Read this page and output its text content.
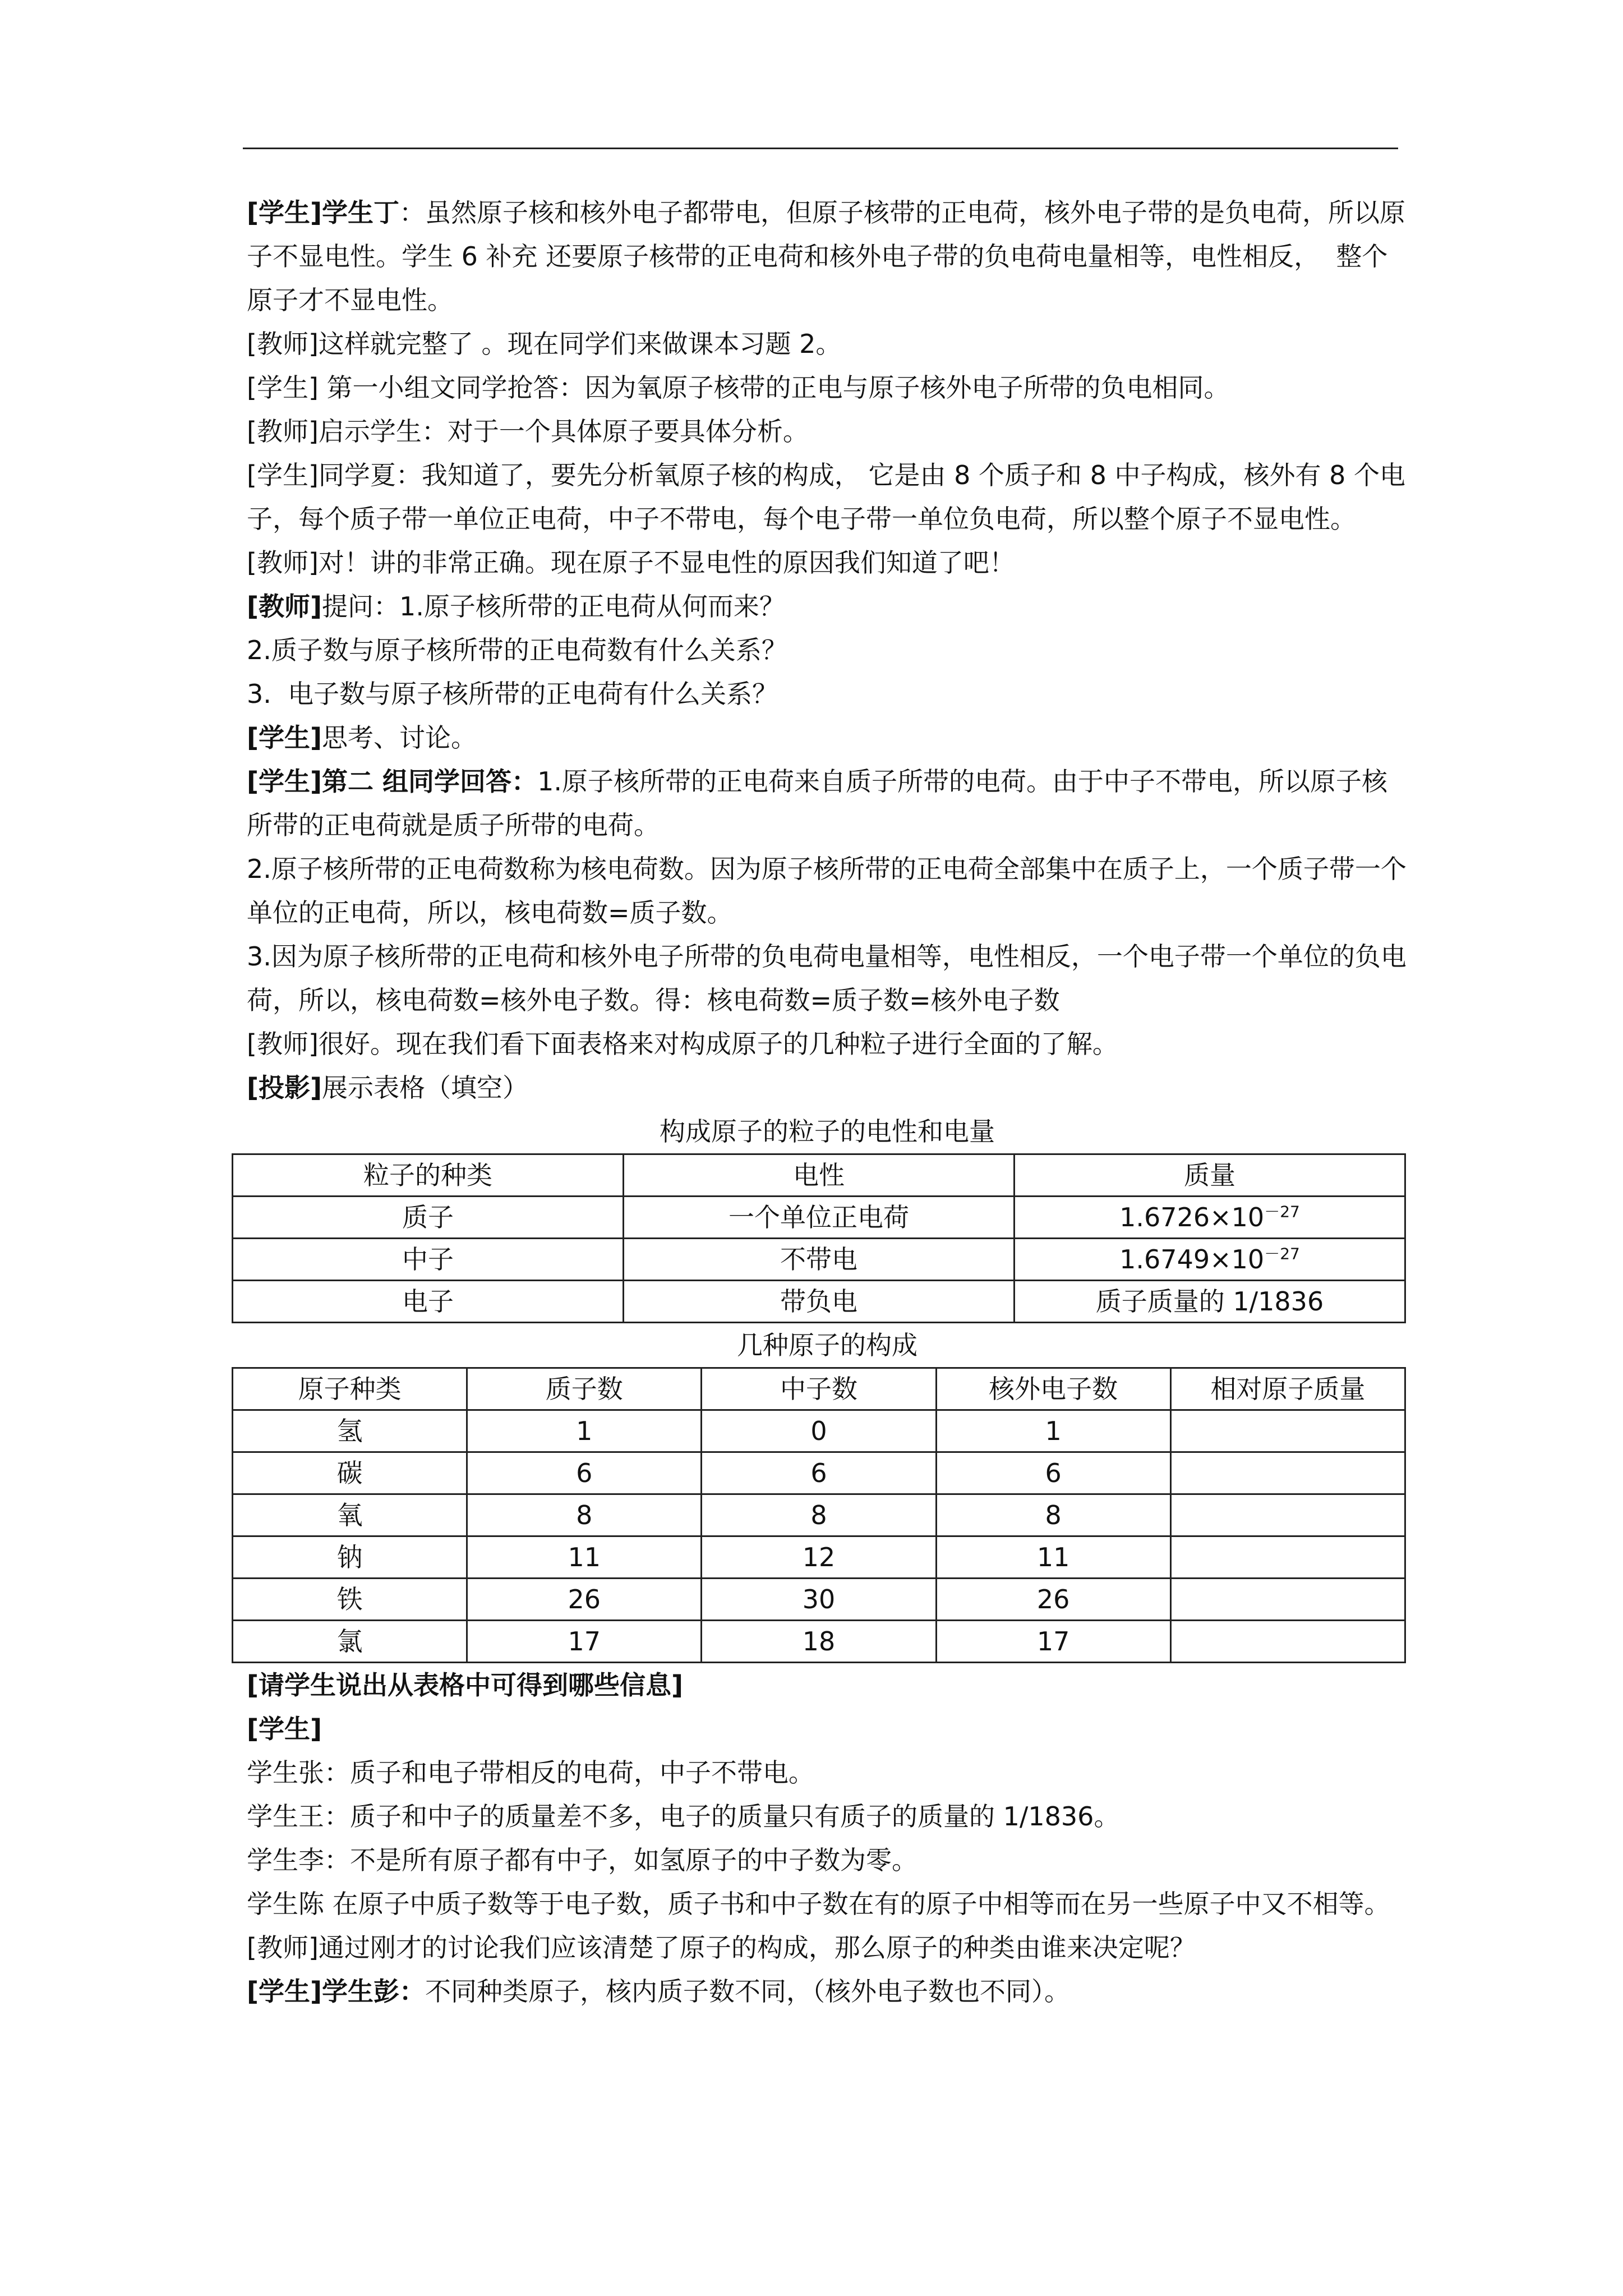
[学生]学生丁：虽然原子核和核外电子都带电，但原子核带的正电荷，核外电子带的是负电荷，所以原子不显电性。学生 6 补充 还要原子核带的正电荷和核外电子带的负电荷电量相等，电性相反，  整个原子才不显电性。

[教师]这样就完整了 。现在同学们来做课本习题 2。

[学生] 第一小组文同学抢答：因为氧原子核带的正电与原子核外电子所带的负电相同。

[教师]启示学生：对于一个具体原子要具体分析。

[学生]同学夏：我知道了，要先分析氧原子核的构成， 它是由 8 个质子和 8 中子构成，核外有 8 个电子，每个质子带一单位正电荷，中子不带电，每个电子带一单位负电荷，所以整个原子不显电性。

[教师]对！讲的非常正确。现在原子不显电性的原因我们知道了吧！

[教师]提问：1.原子核所带的正电荷从何而来？

2.质子数与原子核所带的正电荷数有什么关系？

3.  电子数与原子核所带的正电荷有什么关系？

[学生]思考、讨论。

[学生]第二 组同学回答：1.原子核所带的正电荷来自质子所带的电荷。由于中子不带电，所以原子核所带的正电荷就是质子所带的电荷。

2.原子核所带的正电荷数称为核电荷数。因为原子核所带的正电荷全部集中在质子上，一个质子带一个单位的正电荷，所以，核电荷数=质子数。

3.因为原子核所带的正电荷和核外电子所带的负电荷电量相等，电性相反，一个电子带一个单位的负电荷，所以，核电荷数=核外电子数。得：核电荷数=质子数=核外电子数

[教师]很好。现在我们看下面表格来对构成原子的几种粒子进行全面的了解。

[投影]展示表格（填空）

构成原子的粒子的电性和电量

粒子的种类	电性	质量
质子	一个单位正电荷	$1.6726\times 10^{-27}$
中子	不带电	$1.6749\times 10^{-27}$
电子	带负电	质子质量的 1/1836

几种原子的构成

原子种类	质子数	中子数	核外电子数	相对原子质量
氢	1	0	1	
碳	6	6	6	
氧	8	8	8	
钠	11	12	11	
铁	26	30	26	
氯	17	18	17	

[请学生说出从表格中可得到哪些信息]

[学生]

学生张：质子和电子带相反的电荷，中子不带电。

学生王：质子和中子的质量差不多，电子的质量只有质子的质量的 1/1836。

学生李：不是所有原子都有中子，如氢原子的中子数为零。

学生陈 在原子中质子数等于电子数，质子书和中子数在有的原子中相等而在另一些原子中又不相等。

[教师]通过刚才的讨论我们应该清楚了原子的构成，那么原子的种类由谁来决定呢？

[学生]学生彭：不同种类原子，核内质子数不同，（核外电子数也不同）。
